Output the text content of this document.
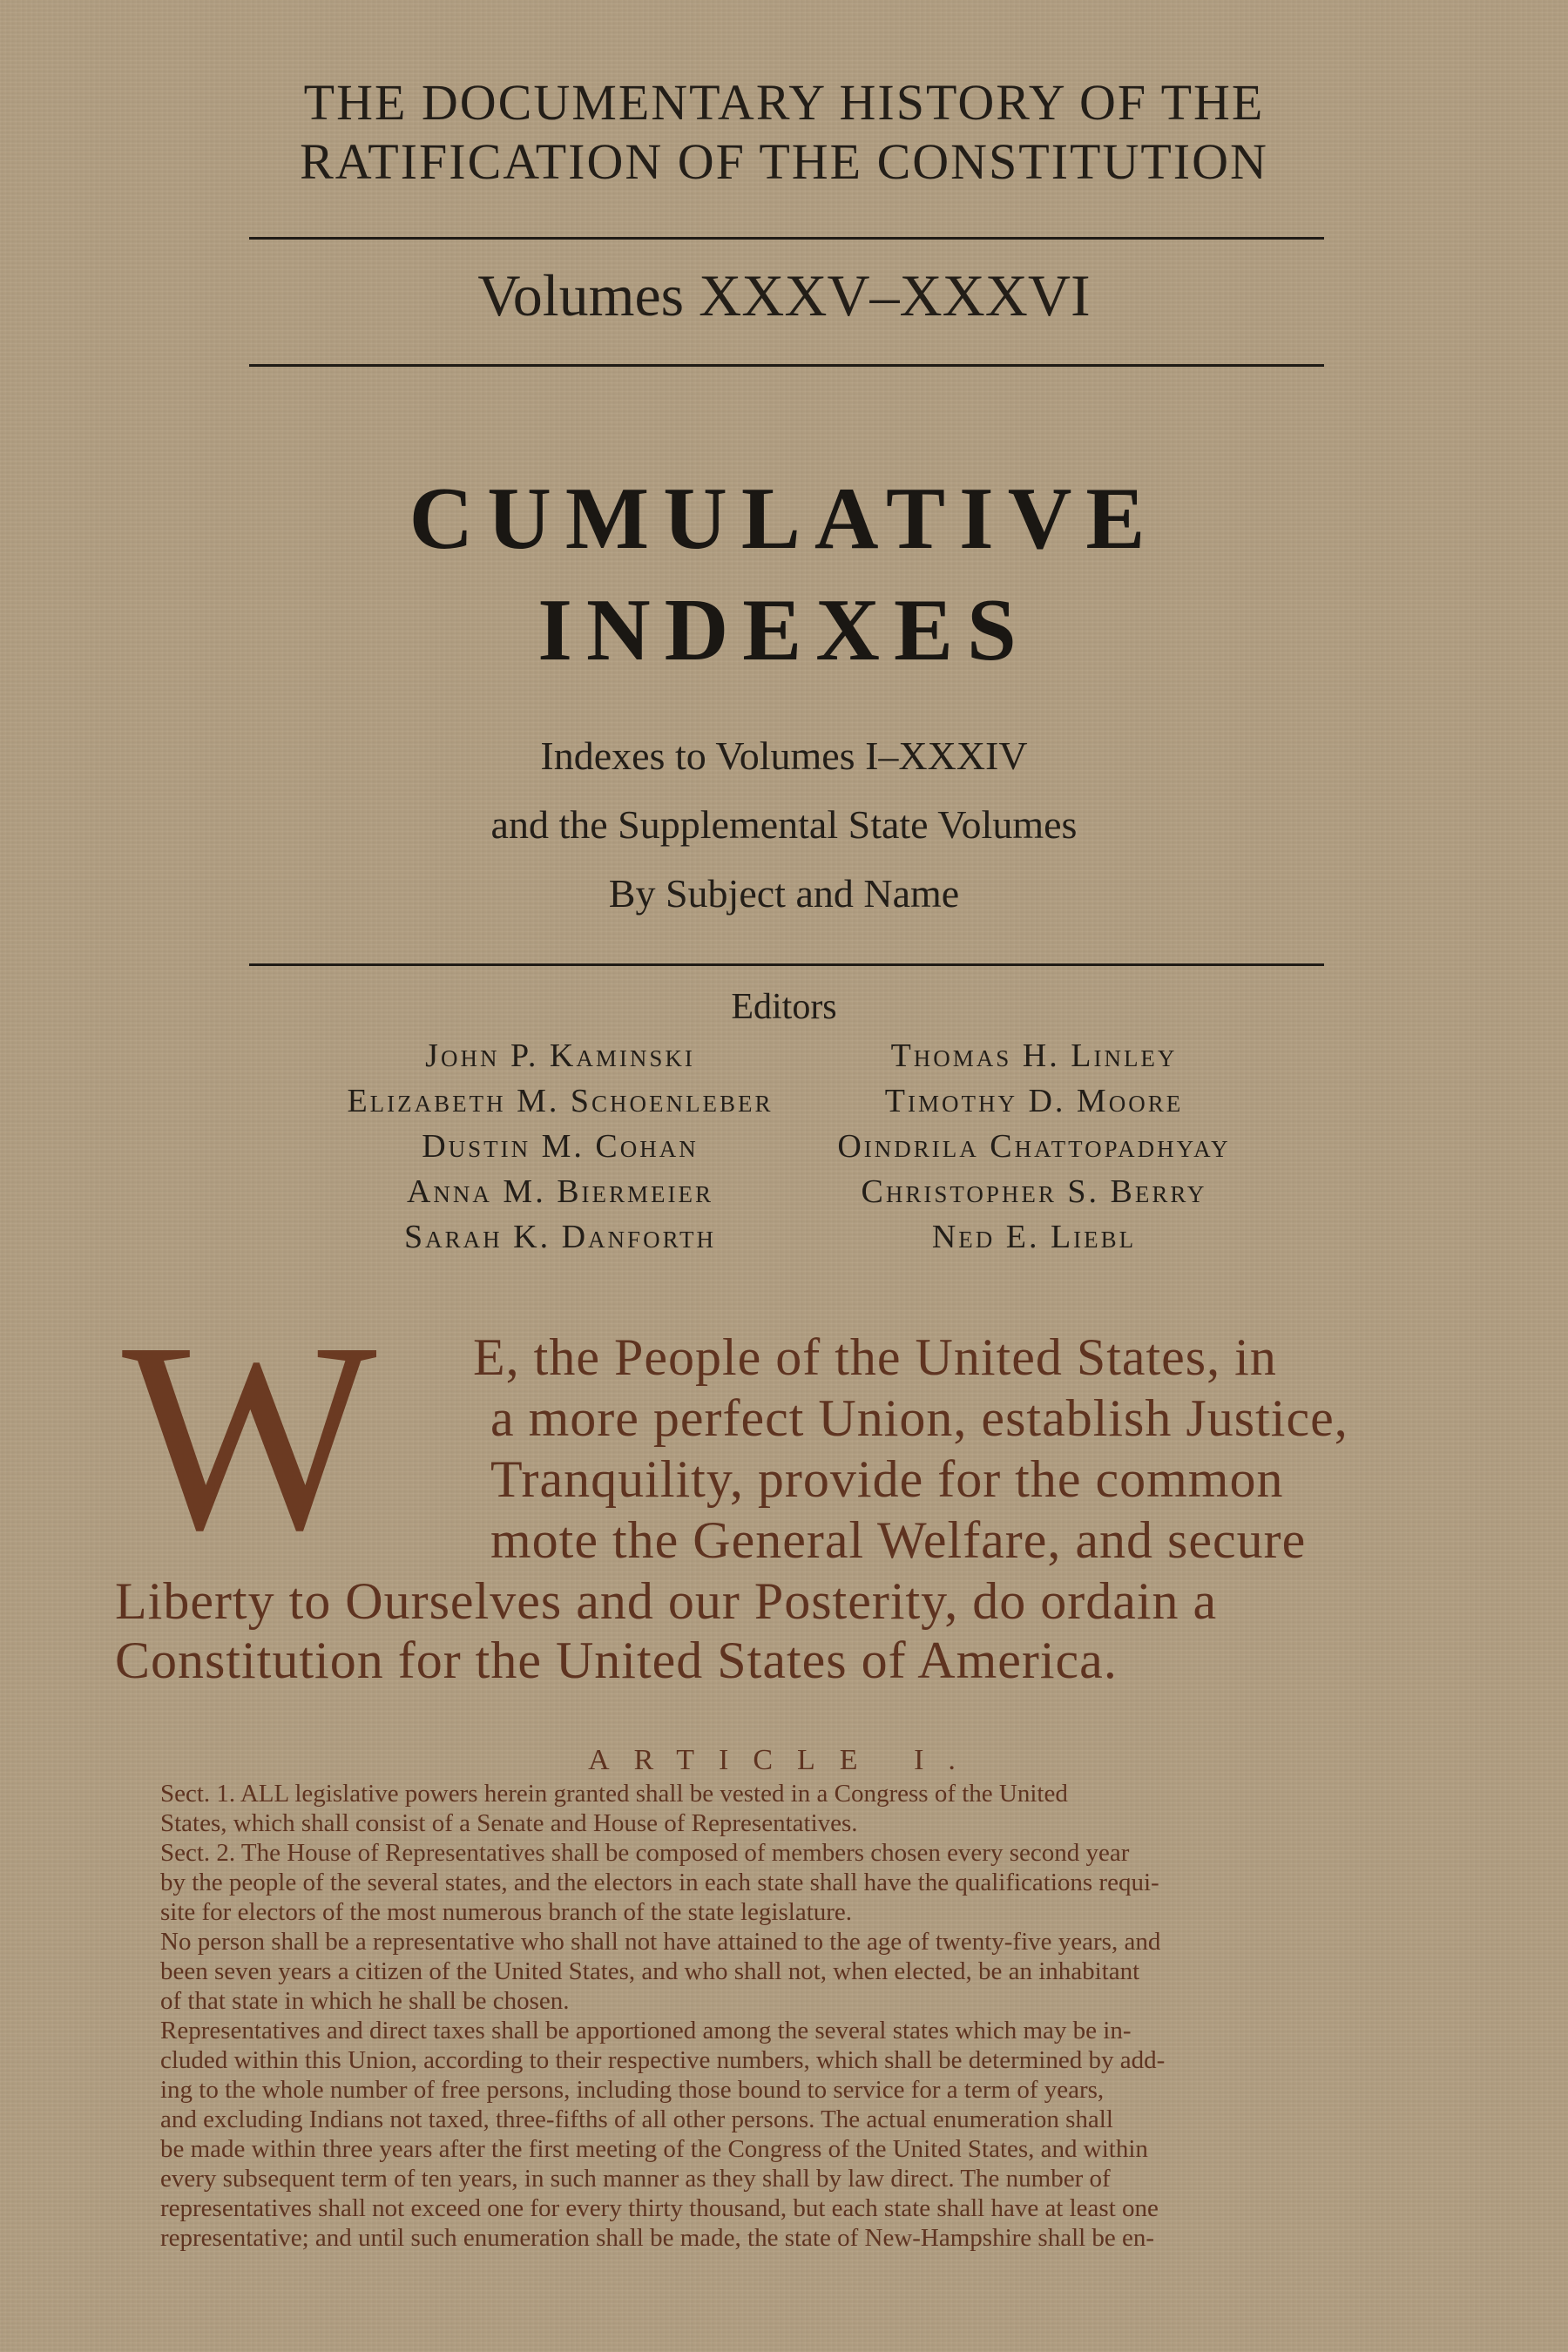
THE DOCUMENTARY HISTORY OF THE
RATIFICATION OF THE CONSTITUTION
Volumes XXXV–XXXVI
CUMULATIVE
INDEXES
Indexes to Volumes I–XXXIV
and the Supplemental State Volumes
By Subject and Name
Editors
John P. Kaminski
Elizabeth M. Schoenleber
Dustin M. Cohan
Anna M. Biermeier
Sarah K. Danforth
Thomas H. Linley
Timothy D. Moore
Oindrila Chattopadhyay
Christopher S. Berry
Ned E. Liebl
W E, the People of the United States, in
a more perfect Union, establish Justice,
Tranquility, provide for the common
mote the General Welfare, and secure
Liberty to Ourselves and our Posterity, do ordain a
Constitution for the United States of America.
ARTICLE I.
Sect. 1. ALL legislative powers herein granted shall be vested in a Congress of the United
States, which shall consist of a Senate and House of Representatives.
Sect. 2. The House of Representatives shall be composed of members chosen every second year
by the people of the several states, and the electors in each state shall have the qualifications requi-
site for electors of the most numerous branch of the state legislature.
No person shall be a representative who shall not have attained to the age of twenty-five years, and
been seven years a citizen of the United States, and who shall not, when elected, be an inhabitant
of that state in which he shall be chosen.
Representatives and direct taxes shall be apportioned among the several states which may be in-
cluded within this Union, according to their respective numbers, which shall be determined by add-
ing to the whole number of free persons, including those bound to service for a term of years,
and excluding Indians not taxed, three-fifths of all other persons. The actual enumeration shall
be made within three years after the first meeting of the Congress of the United States, and within
every subsequent term of ten years, in such manner as they shall by law direct. The number of
representatives shall not exceed one for every thirty thousand, but each state shall have at least one
representative; and until such enumeration shall be made, the state of New-Hampshire shall be en-
